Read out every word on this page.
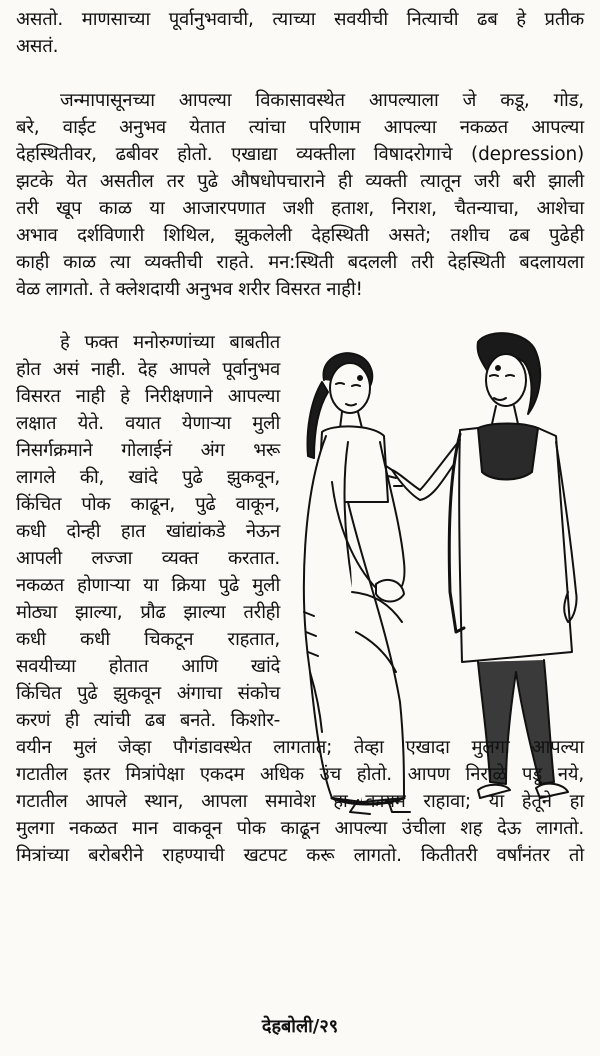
असतो. माणसाच्या पूर्वानुभवाची, त्याच्या सवयीची नित्याची ढब हे प्रतीक
असतं.
जन्मापासूनच्या आपल्या विकासावस्थेत आपल्याला जे कडू, गोड,
बरे, वाईट अनुभव येतात त्यांचा परिणाम आपल्या नकळत आपल्या
देहस्थितीवर, ढबीवर होतो. एखाद्या व्यक्तीला विषादरोगाचे (depression)
झटके येत असतील तर पुढे औषधोपचाराने ही व्यक्ती त्यातून जरी बरी झाली
तरी खूप काळ या आजारपणात जशी हताश, निराश, चैतन्याचा, आशेचा
अभाव दर्शविणारी शिथिल, झुकलेली देहस्थिती असते; तशीच ढब पुढेही
काही काळ त्या व्यक्तीची राहते. मन:स्थिती बदलली तरी देहस्थिती बदलायला
वेळ लागतो. ते क्लेशदायी अनुभव शरीर विसरत नाही!
हे फक्त मनोरुग्णांच्या बाबतीत
होत असं नाही. देह आपले पूर्वानुभव
विसरत नाही हे निरीक्षणाने आपल्या
लक्षात येते. वयात येणाऱ्या मुली
निसर्गक्रमाने गोलाईनं अंग भरू
लागले की, खांदे पुढे झुकवून,
किंचित पोक काढून, पुढे वाकून,
कधी दोन्ही हात खांद्यांकडे नेऊन
आपली लज्जा व्यक्त करतात.
नकळत होणाऱ्या या क्रिया पुढे मुली
मोठ्या झाल्या, प्रौढ झाल्या तरीही
कधी कधी चिकटून राहतात,
सवयीच्या होतात आणि खांदे
किंचित पुढे झुकवून अंगाचा संकोच
करणं ही त्यांची ढब बनते. किशोर-
वयीन मुलं जेव्हा पौगंडावस्थेत लागतात; तेव्हा एखादा मुलगा आपल्या
गटातील इतर मित्रांपेक्षा एकदम अधिक उंच होतो. आपण निराळे पडू नये,
गटातील आपले स्थान, आपला समावेश हा कायम राहावा; या हेतूने हा
मुलगा नकळत मान वाकवून पोक काढून आपल्या उंचीला शह देऊ लागतो.
मित्रांच्या बरोबरीने राहण्याची खटपट करू लागतो. कितीतरी वर्षांनंतर तो
देहबोली/२९
